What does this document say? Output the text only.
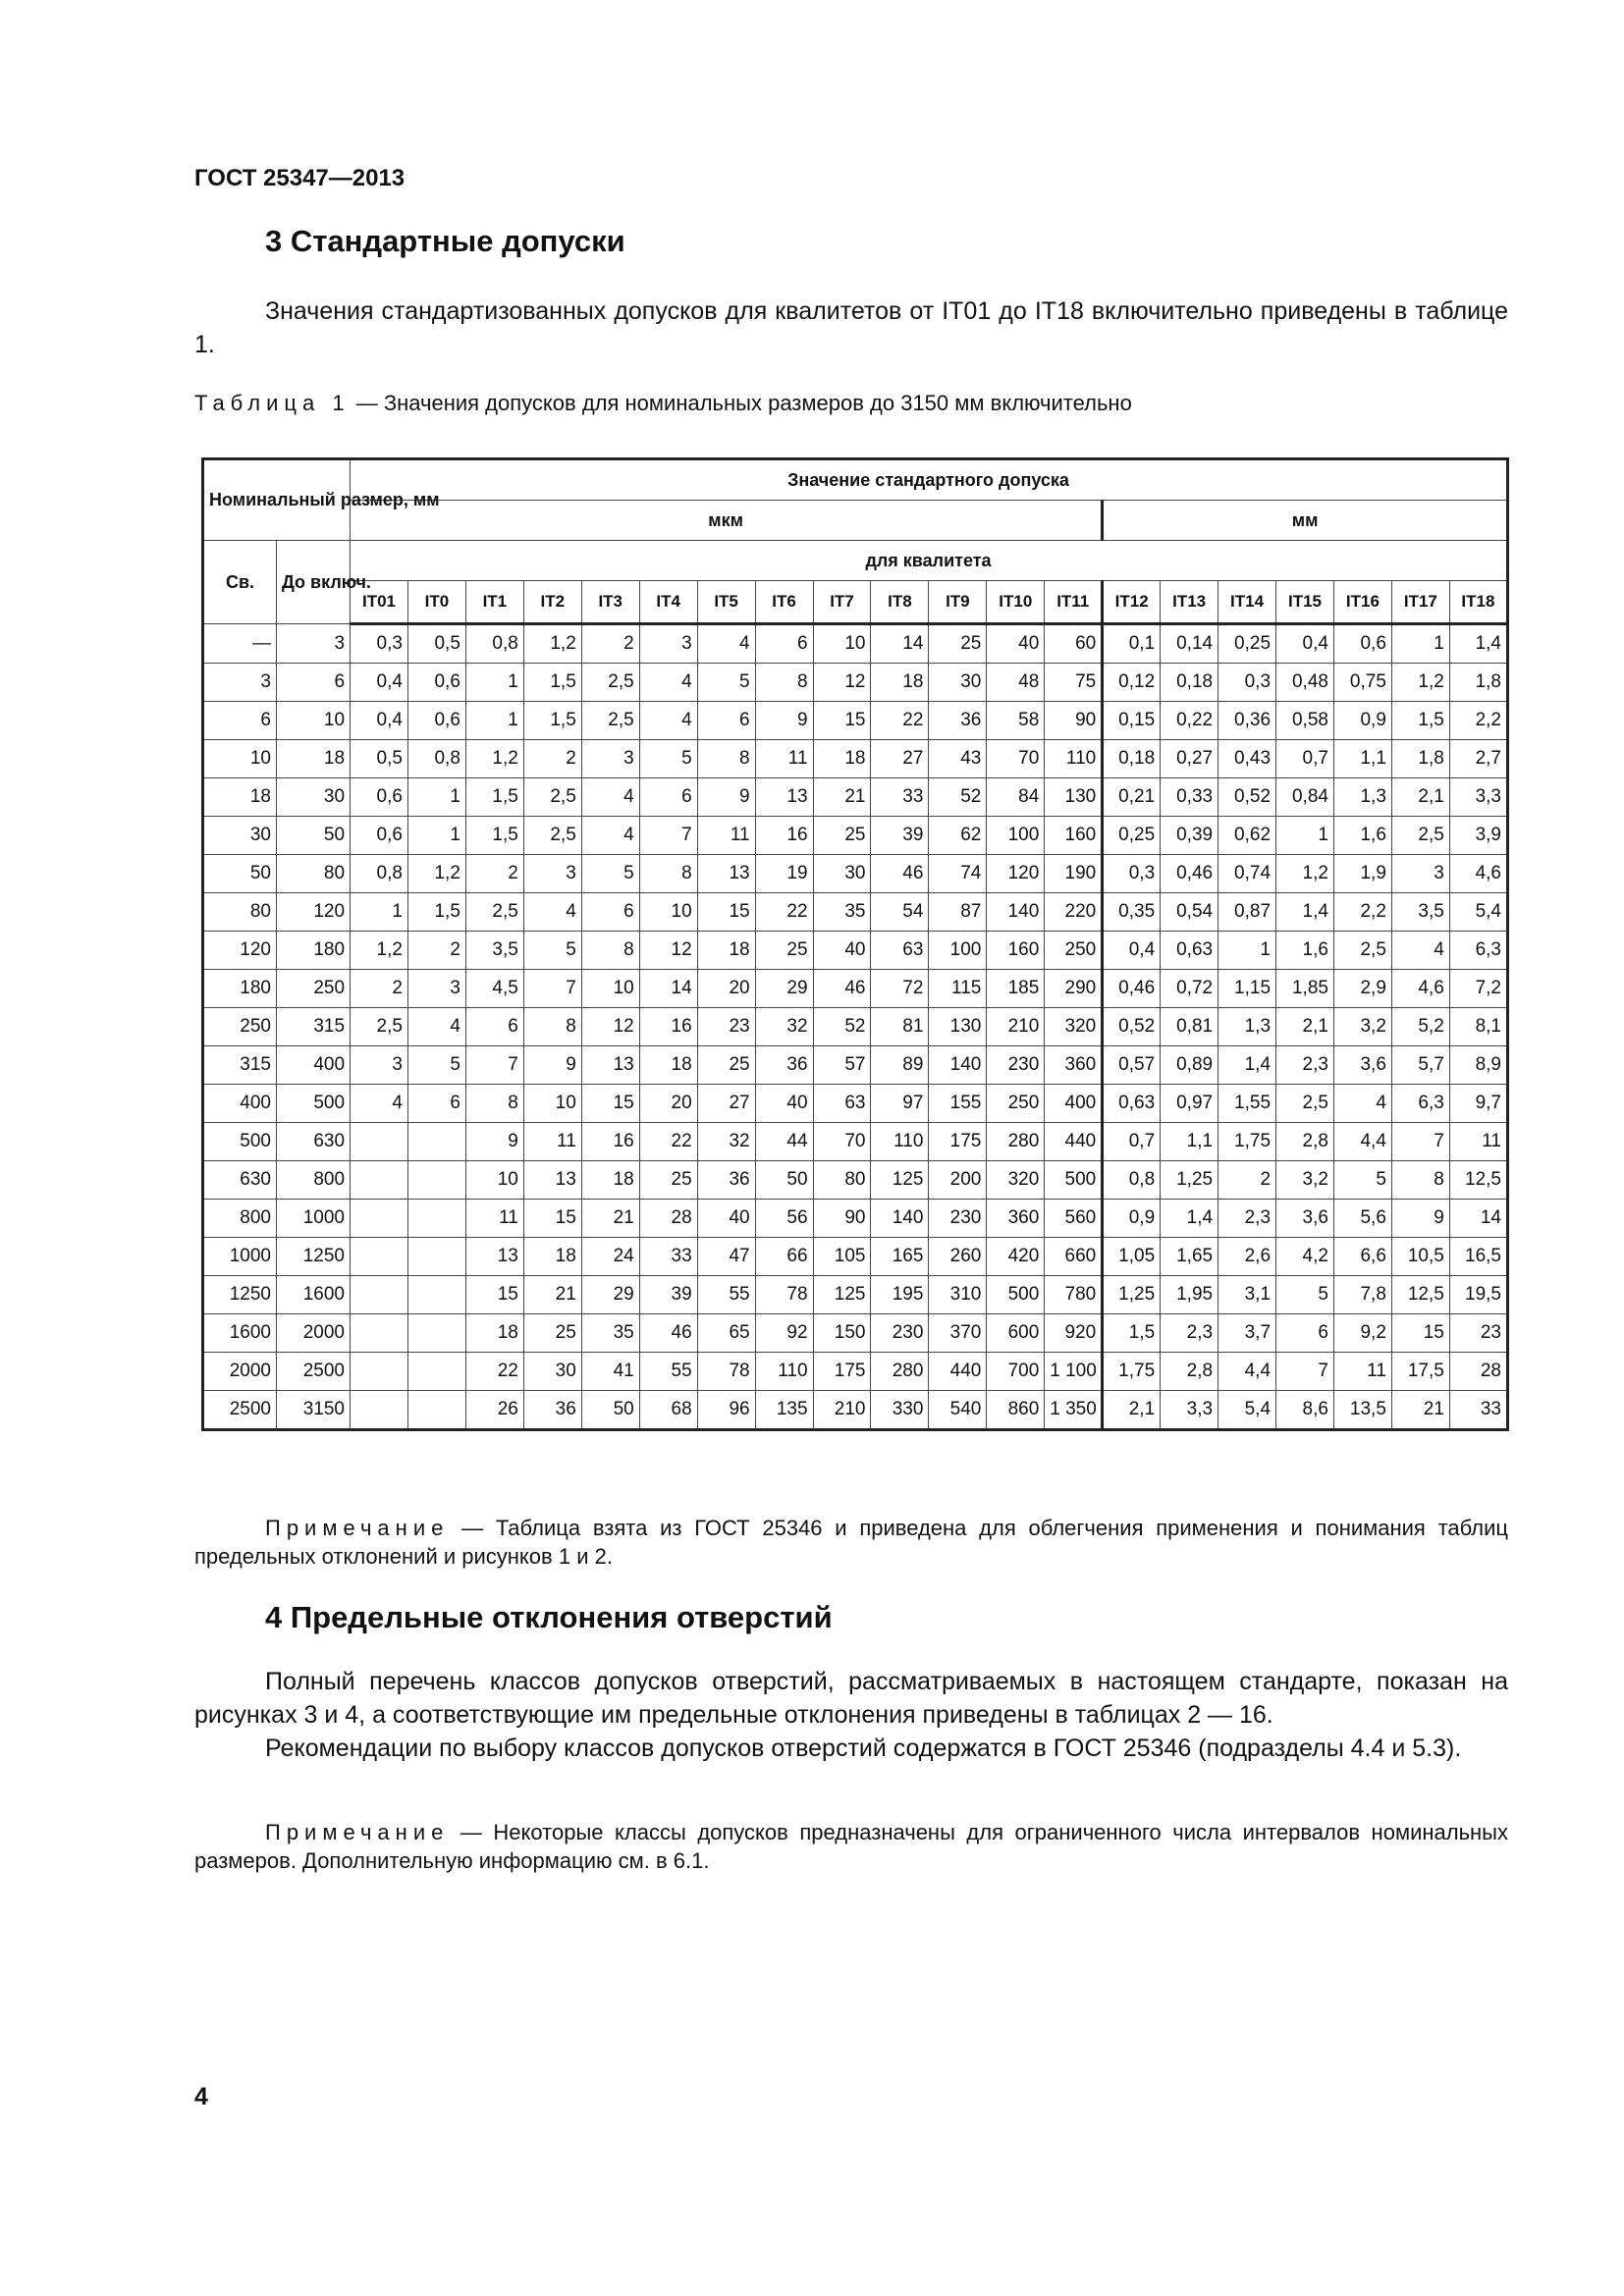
ГОСТ 25347—2013
3 Стандартные допуски
Значения стандартизованных допусков для квалитетов от IT01 до IT18 включительно приведены в таблице 1.
Таблица 1 — Значения допусков для номинальных размеров до 3150 мм включительно
Номинальный размер, мм		Значение стандартного допуска																			
		мкм													мм						
Св.	До включ.	для квалитета																			
		IT01	IT0	IT1	IT2	IT3	IT4	IT5	IT6	IT7	IT8	IT9	IT10	IT11	IT12	IT13	IT14	IT15	IT16	IT17	IT18
—	3	0,3	0,5	0,8	1,2	2	3	4	6	10	14	25	40	60	0,1	0,14	0,25	0,4	0,6	1	1,4
3	6	0,4	0,6	1	1,5	2,5	4	5	8	12	18	30	48	75	0,12	0,18	0,3	0,48	0,75	1,2	1,8
6	10	0,4	0,6	1	1,5	2,5	4	6	9	15	22	36	58	90	0,15	0,22	0,36	0,58	0,9	1,5	2,2
10	18	0,5	0,8	1,2	2	3	5	8	11	18	27	43	70	110	0,18	0,27	0,43	0,7	1,1	1,8	2,7
18	30	0,6	1	1,5	2,5	4	6	9	13	21	33	52	84	130	0,21	0,33	0,52	0,84	1,3	2,1	3,3
30	50	0,6	1	1,5	2,5	4	7	11	16	25	39	62	100	160	0,25	0,39	0,62	1	1,6	2,5	3,9
50	80	0,8	1,2	2	3	5	8	13	19	30	46	74	120	190	0,3	0,46	0,74	1,2	1,9	3	4,6
80	120	1	1,5	2,5	4	6	10	15	22	35	54	87	140	220	0,35	0,54	0,87	1,4	2,2	3,5	5,4
120	180	1,2	2	3,5	5	8	12	18	25	40	63	100	160	250	0,4	0,63	1	1,6	2,5	4	6,3
180	250	2	3	4,5	7	10	14	20	29	46	72	115	185	290	0,46	0,72	1,15	1,85	2,9	4,6	7,2
250	315	2,5	4	6	8	12	16	23	32	52	81	130	210	320	0,52	0,81	1,3	2,1	3,2	5,2	8,1
315	400	3	5	7	9	13	18	25	36	57	89	140	230	360	0,57	0,89	1,4	2,3	3,6	5,7	8,9
400	500	4	6	8	10	15	20	27	40	63	97	155	250	400	0,63	0,97	1,55	2,5	4	6,3	9,7
500	630			9	11	16	22	32	44	70	110	175	280	440	0,7	1,1	1,75	2,8	4,4	7	11
630	800			10	13	18	25	36	50	80	125	200	320	500	0,8	1,25	2	3,2	5	8	12,5
800	1000			11	15	21	28	40	56	90	140	230	360	560	0,9	1,4	2,3	3,6	5,6	9	14
1000	1250			13	18	24	33	47	66	105	165	260	420	660	1,05	1,65	2,6	4,2	6,6	10,5	16,5
1250	1600			15	21	29	39	55	78	125	195	310	500	780	1,25	1,95	3,1	5	7,8	12,5	19,5
1600	2000			18	25	35	46	65	92	150	230	370	600	920	1,5	2,3	3,7	6	9,2	15	23
2000	2500			22	30	41	55	78	110	175	280	440	700	1 100	1,75	2,8	4,4	7	11	17,5	28
2500	3150			26	36	50	68	96	135	210	330	540	860	1 350	2,1	3,3	5,4	8,6	13,5	21	33
Примечание — Таблица взята из ГОСТ 25346 и приведена для облегчения применения и понимания таблиц предельных отклонений и рисунков 1 и 2.
4 Предельные отклонения отверстий
Полный перечень классов допусков отверстий, рассматриваемых в настоящем стандарте, показан на рисунках 3 и 4, а соответствующие им предельные отклонения приведены в таблицах 2 — 16.
Рекомендации по выбору классов допусков отверстий содержатся в ГОСТ 25346 (подразделы 4.4 и 5.3).
Примечание — Некоторые классы допусков предназначены для ограниченного числа интервалов номинальных размеров. Дополнительную информацию см. в 6.1.
4
